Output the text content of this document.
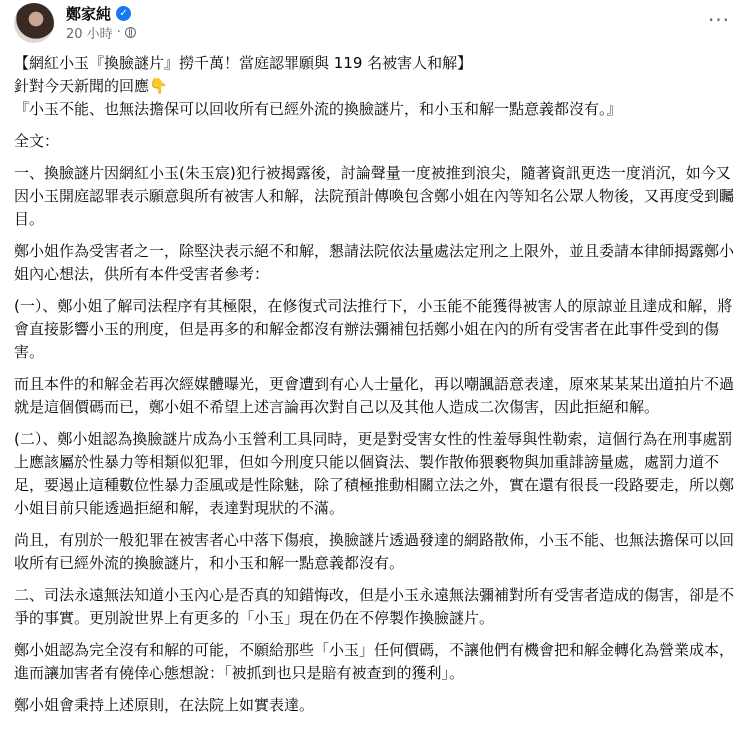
鄭家純 ✓
20 小時 ·
···

【網紅小玉『換臉謎片』撈千萬！當庭認罪願與 119 名被害人和解】

針對今天新聞的回應👇

『小玉不能、也無法擔保可以回收所有已經外流的換臉謎片，和小玉和解一點意義都沒有。』

全文：

一、換臉謎片因網紅小玉(朱玉宸)犯行被揭露後，討論聲量一度被推到浪尖，隨著資訊更迭一度消沉，如今又因小玉開庭認罪表示願意與所有被害人和解，法院預計傳喚包含鄭小姐在內等知名公眾人物後，又再度受到矚目。

鄭小姐作為受害者之一，除堅決表示絕不和解，懇請法院依法量處法定刑之上限外，並且委請本律師揭露鄭小姐內心想法，供所有本件受害者參考：

(一）、鄭小姐了解司法程序有其極限，在修復式司法推行下，小玉能不能獲得被害人的原諒並且達成和解，將會直接影響小玉的刑度，但是再多的和解金都沒有辦法彌補包括鄭小姐在內的所有受害者在此事件受到的傷害。

而且本件的和解金若再次經媒體曝光，更會遭到有心人士量化，再以嘲諷語意表達，原來某某某出道拍片不過就是這個價碼而已，鄭小姐不希望上述言論再次對自己以及其他人造成二次傷害，因此拒絕和解。

(二）、鄭小姐認為換臉謎片成為小玉營利工具同時，更是對受害女性的性羞辱與性勒索，這個行為在刑事處罰上應該屬於性暴力等相類似犯罪，但如今刑度只能以個資法、製作散佈猥褻物與加重誹謗量處，處罰力道不足，要遏止這種數位性暴力歪風或是性除魅，除了積極推動相關立法之外，實在還有很長一段路要走，所以鄭小姐目前只能透過拒絕和解，表達對現狀的不滿。

尚且，有別於一般犯罪在被害者心中落下傷痕，換臉謎片透過發達的網路散佈，小玉不能、也無法擔保可以回收所有已經外流的換臉謎片，和小玉和解一點意義都沒有。

二、司法永遠無法知道小玉內心是否真的知錯悔改，但是小玉永遠無法彌補對所有受害者造成的傷害，卻是不爭的事實。更別說世界上有更多的「小玉」現在仍在不停製作換臉謎片。

鄭小姐認為完全沒有和解的可能，不願給那些「小玉」任何價碼，不讓他們有機會把和解金轉化為營業成本，進而讓加害者有僥倖心態想說：「被抓到也只是賠有被查到的獲利」。

鄭小姐會秉持上述原則，在法院上如實表達。
